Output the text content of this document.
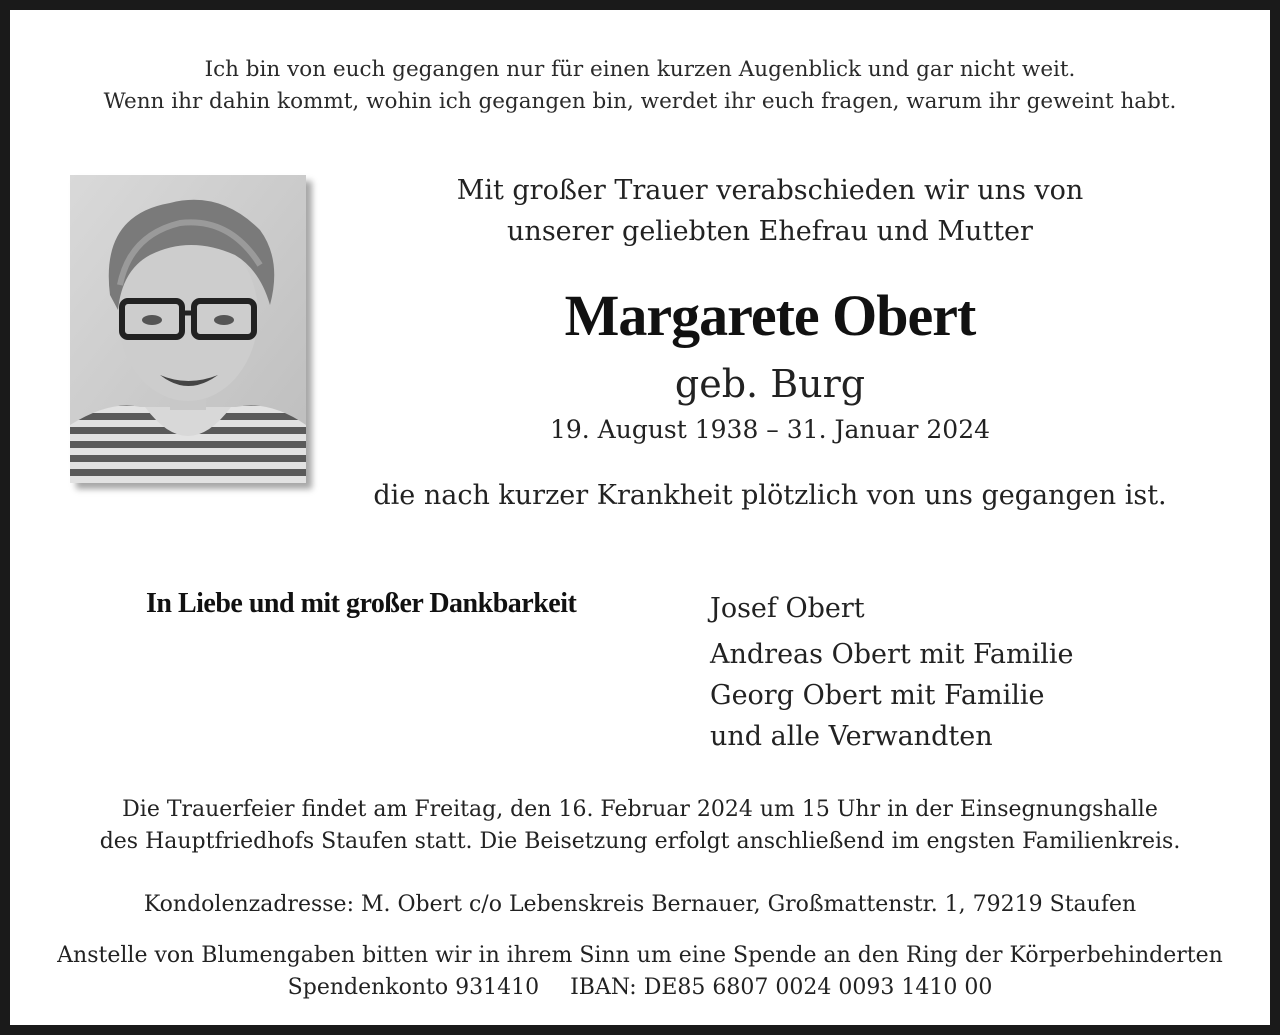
Ich bin von euch gegangen nur für einen kurzen Augenblick und gar nicht weit.
Wenn ihr dahin kommt, wohin ich gegangen bin, werdet ihr euch fragen, warum ihr geweint habt.
Mit großer Trauer verabschieden wir uns von
unserer geliebten Ehefrau und Mutter
Margarete Obert
geb. Burg
19. August 1938 – 31. Januar 2024
die nach kurzer Krankheit plötzlich von uns gegangen ist.
In Liebe und mit großer Dankbarkeit	Josef Obert
Andreas Obert mit Familie
Georg Obert mit Familie
und alle Verwandten
Die Trauerfeier findet am Freitag, den 16. Februar 2024 um 15 Uhr in der Einsegnungshalle
des Hauptfriedhofs Staufen statt. Die Beisetzung erfolgt anschließend im engsten Familienkreis.
Kondolenzadresse: M. Obert c/o Lebenskreis Bernauer, Großmattenstr. 1, 79219 Staufen
Anstelle von Blumengaben bitten wir in ihrem Sinn um eine Spende an den Ring der Körperbehinderten
Spendenkonto 931410 IBAN: DE85 6807 0024 0093 1410 00
